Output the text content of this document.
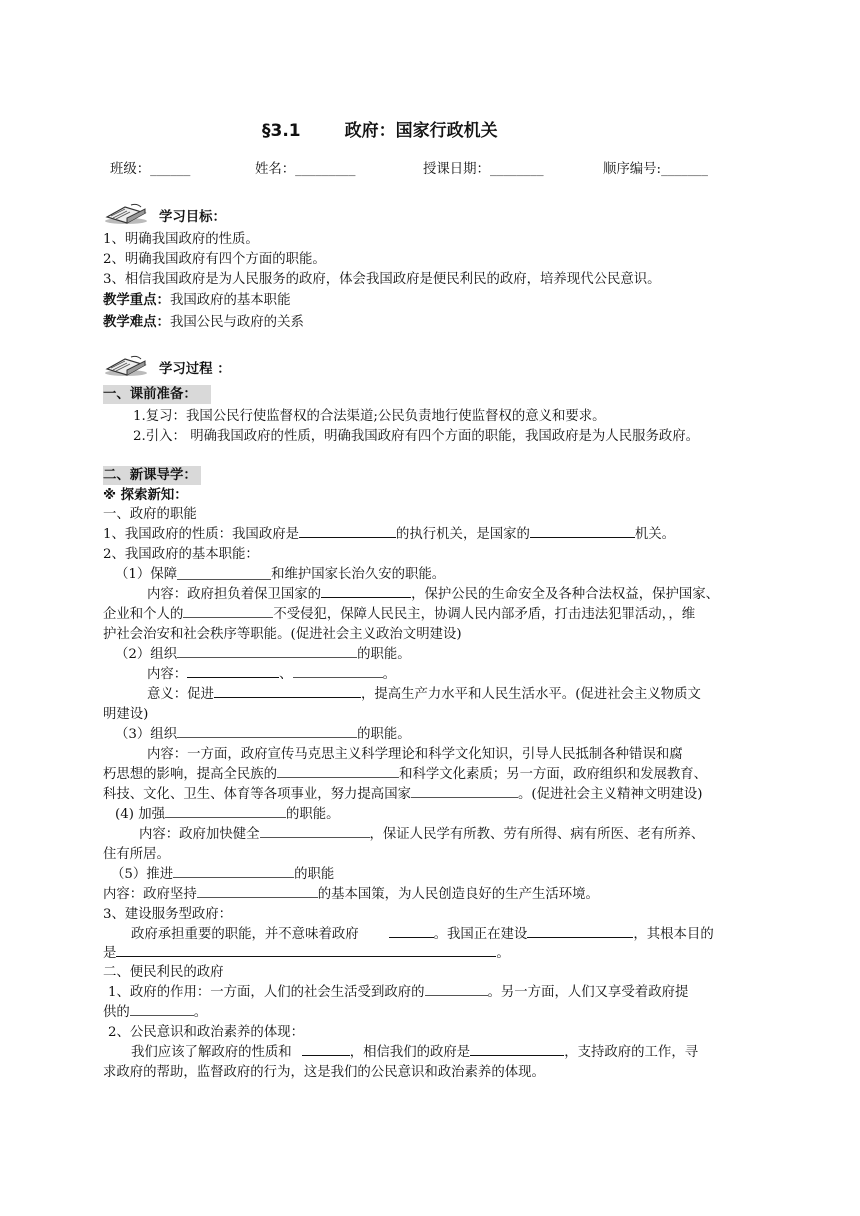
§3.1	政府：国家行政机关
班级：______	姓名：_________	授课日期：________	顺序编号:_______
学习目标：
1、明确我国政府的性质。
2、明确我国政府有四个方面的职能。
3、相信我国政府是为人民服务的政府，体会我国政府是便民利民的政府，培养现代公民意识。
教学重点：我国政府的基本职能
教学难点：我国公民与政府的关系
学习过程 ：
一、课前准备：
1.复习：我国公民行使监督权的合法渠道;公民负责地行使监督权的意义和要求。
2.引入： 明确我国政府的性质，明确我国政府有四个方面的职能，我国政府是为人民服务政府。
二、新课导学：
※ 探索新知：
一、政府的职能
1、我国政府的性质：我国政府是	的执行机关，是国家的	机关。
2、我国政府的基本职能：
（1）保障	和维护国家长治久安的职能。
内容：政府担负着保卫国家的	，保护公民的生命安全及各种合法权益，保护国家、
企业和个人的	不受侵犯，保障人民民主，协调人民内部矛盾，打击违法犯罪活动，，维
护社会治安和社会秩序等职能。(促进社会主义政治文明建设)
（2）组织	的职能。
内容：	、	。
意义：促进	，提高生产力水平和人民生活水平。(促进社会主义物质文
明建设)
（3）组织	的职能。
内容：一方面，政府宣传马克思主义科学理论和科学文化知识，引导人民抵制各种错误和腐
朽思想的影响，提高全民族的	和科学文化素质；另一方面，政府组织和发展教育、
科技、文化、卫生、体育等各项事业，努力提高国家	。(促进社会主义精神文明建设)
(4) 加强	的职能。
内容：政府加快健全	，保证人民学有所教、劳有所得、病有所医、老有所养、
住有所居。
（5）推进	的职能
内容：政府坚持	的基本国策，为人民创造良好的生产生活环境。
3、建设服务型政府：
政府承担重要的职能，并不意味着政府	。我国正在建设	，其根本目的
是	。
二、便民利民的政府
1、政府的作用：一方面，人们的社会生活受到政府的	。另一方面，人们又享受着政府提
供的	。
2、公民意识和政治素养的体现：
我们应该了解政府的性质和	，相信我们的政府是	，支持政府的工作，寻
求政府的帮助，监督政府的行为，这是我们的公民意识和政治素养的体现。
